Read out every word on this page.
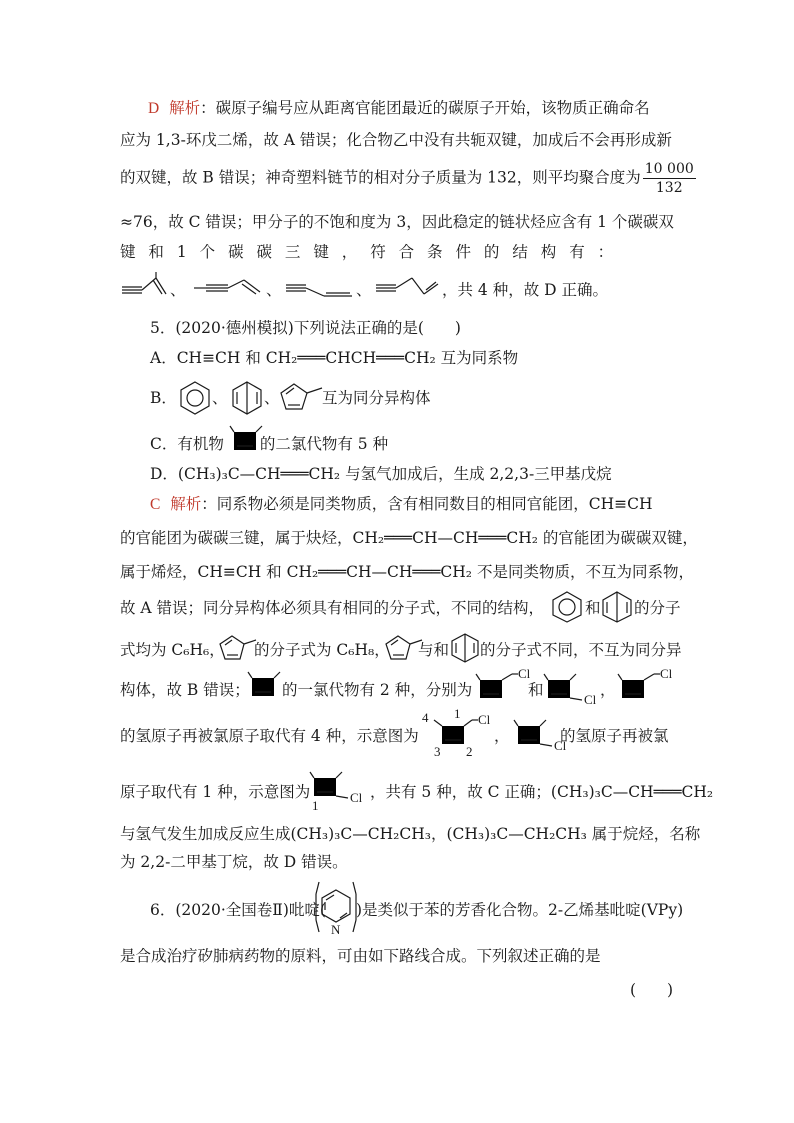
D 解析：碳原子编号应从距离官能团最近的碳原子开始，该物质正确命名
应为 1,3-环戊二烯，故 A 错误；化合物乙中没有共轭双键，加成后不会再形成新
的双键，故 B 错误；神奇塑料链节的相对分子质量为 132，则平均聚合度为 $\frac{10 000}{132}$
≈76，故 C 错误；甲分子的不饱和度为 3，因此稳定的链状烃应含有 1 个碳碳双
键 和 1 个 碳 碳 三 键 ， 符 合 条 件 的 结 构 有 ：
、	、	、	，共 4 种，故 D 正确。
5．(2020·德州模拟)下列说法正确的是(　　)
A．CH≡CH 和 CH₂═══CHCH═══CH₂ 互为同系物
B． 、 、	互为同分异构体
C．有机物 的二氯代物有 5 种
D．(CH₃)₃C—CH═══CH₂ 与氢气加成后，生成 2,2,3-三甲基戊烷
C 解析：同系物必须是同类物质，含有相同数目的相同官能团，CH≡CH
的官能团为碳碳三键，属于炔烃，CH₂═══CH—CH═══CH₂ 的官能团为碳碳双键，
属于烯烃，CH≡CH 和 CH₂═══CH—CH═══CH₂ 不是同类物质，不互为同系物，
故 A 错误；同分异构体必须具有相同的分子式，不同的结构，	和 的分子
式均为 C₆H₆， 的分子式为 C₆H₈， 与和 的分子式不同，不互为同分异
构体，故 B 错误； 的一氯代物有 2 种，分别为
Cl
和
Cl
，
Cl
的氢原子再被氯原子取代有 4 种，示意图为
4 1 Cl
3 2
，
Cl
的氢原子再被氯
原子取代有 1 种，示意图为	Cl
1
，共有 5 种，故 C 正确；(CH₃)₃C—CH═══CH₂
与氢气发生加成反应生成(CH₃)₃C—CH₂CH₃，(CH₃)₃C—CH₂CH₃ 属于烷烃，名称
为 2,2-二甲基丁烷，故 D 错误。
6．(2020·全国卷Ⅱ)吡啶(
N
)是类似于苯的芳香化合物。2-乙烯基吡啶(VPy)
是合成治疗矽肺病药物的原料，可由如下路线合成。下列叙述正确的是
(　　)
